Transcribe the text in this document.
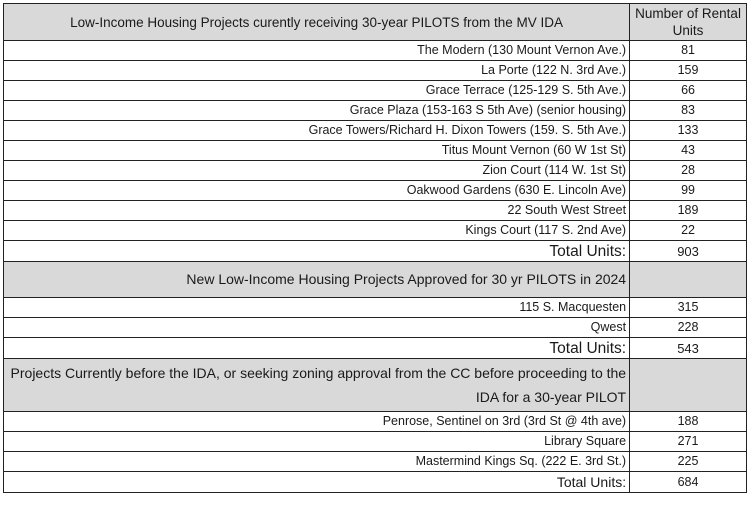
Low-Income Housing Projects curently receiving 30-year PILOTS from the MV IDA	Number of Rental Units
The Modern (130 Mount Vernon Ave.)	81
La Porte (122 N. 3rd Ave.)	159
Grace Terrace (125-129 S. 5th Ave.)	66
Grace Plaza (153-163 S 5th Ave) (senior housing)	83
Grace Towers/Richard H. Dixon Towers (159. S. 5th Ave.)	133
Titus Mount Vernon (60 W 1st St)	43
Zion Court (114 W. 1st St)	28
Oakwood Gardens (630 E. Lincoln Ave)	99
22 South West Street	189
Kings Court (117 S. 2nd Ave)	22
Total Units:	903
New Low-Income Housing Projects Approved for 30 yr PILOTS in 2024	
115 S. Macquesten	315
Qwest	228
Total Units:	543
Projects Currently before the IDA, or seeking zoning approval from the CC before proceeding to the
IDA for a 30-year PILOT	
Penrose, Sentinel on 3rd (3rd St @ 4th ave)	188
Library Square	271
Mastermind Kings Sq. (222 E. 3rd St.)	225
Total Units:	684
